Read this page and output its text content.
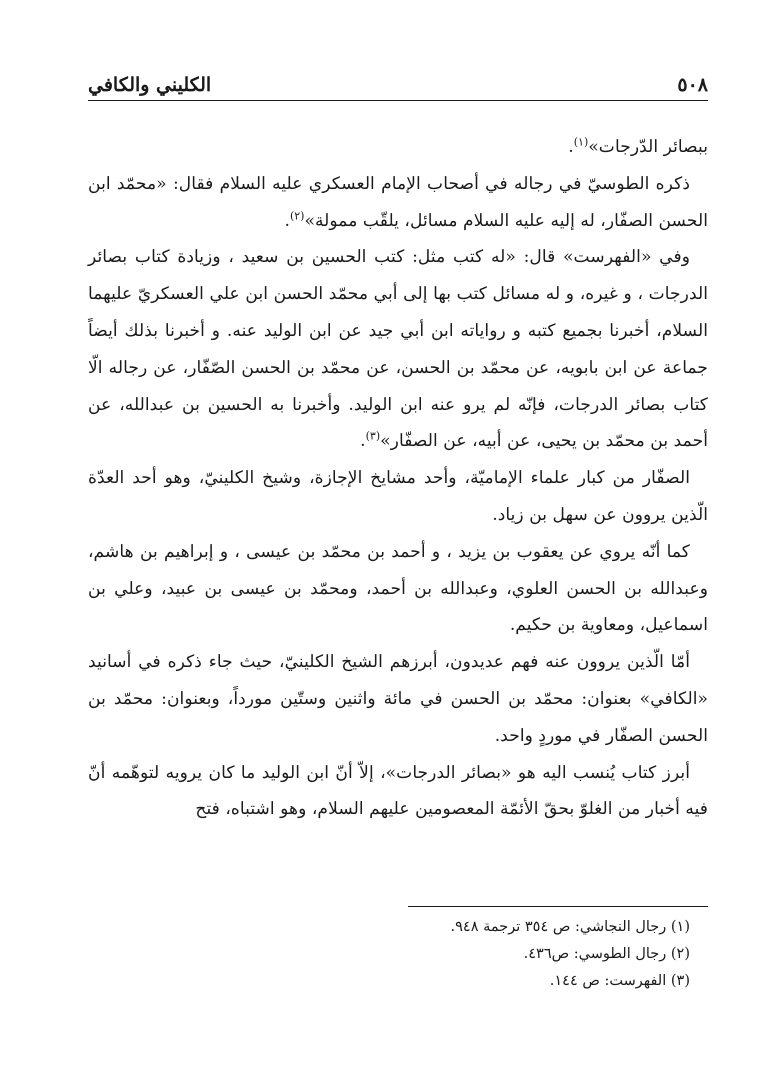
٥٠٨
الكليني والكافي

ببصائر الدّرجات»$^{(١)}$.

ذكره الطوسيّ في رجاله في أصحاب الإمام العسكري عليه السلام فقال: «محمّد ابن الحسن الصفّار، له إليه عليه السلام مسائل، يلقّب ممولة»$^{(٢)}$.

وفي «الفهرست» قال: «له كتب مثل: كتب الحسين بن سعيد ، وزيادة كتاب بصائر الدرجات ، و غيره، و له مسائل كتب بها إلى أبي محمّد الحسن ابن علي العسكريّ عليهما السلام، أخبرنا بجميع كتبه و رواياته ابن أبي جيد عن ابن الوليد عنه. و أخبرنا بذلك أيضاً جماعة عن ابن بابويه، عن محمّد بن الحسن، عن محمّد بن الحسن الصّفّار، عن رجاله الّا كتاب بصائر الدرجات، فإنّه لم يرو عنه ابن الوليد. وأخبرنا به الحسين بن عبدالله، عن أحمد بن محمّد بن يحيى، عن أبيه، عن الصفّار»$^{(٣)}$.

الصفّار من كبار علماء الإماميّة، وأحد مشايخ الإجازة، وشيخ الكلينيّ، وهو أحد العدّة الّذين يروون عن سهل بن زياد.

كما أنّه يروي عن يعقوب بن يزيد ، و أحمد بن محمّد بن عيسى ، و إبراهيم بن هاشم، وعبدالله بن الحسن العلوي، وعبدالله بن أحمد، ومحمّد بن عيسى بن عبيد، وعلي بن اسماعيل، ومعاوية بن حكيم.

أمّا الّذين يروون عنه فهم عديدون، أبرزهم الشيخ الكلينيّ، حيث جاء ذكره في أسانيد «الكافي» بعنوان: محمّد بن الحسن في مائة واثنين وستّين مورداً، وبعنوان: محمّد بن الحسن الصفّار في موردٍ واحد.

أبرز كتاب يُنسب اليه هو «بصائر الدرجات»، إلاّ أنّ ابن الوليد ما كان يرويه لتوهّمه أنّ فيه أخبار من الغلوّ بحقّ الأئمّة المعصومين عليهم السلام، وهو اشتباه، فتح

(١) رجال النجاشي: ص ٣٥٤ ترجمة ٩٤٨.
(٢) رجال الطوسي: ص٤٣٦.
(٣) الفهرست: ص ١٤٤.
